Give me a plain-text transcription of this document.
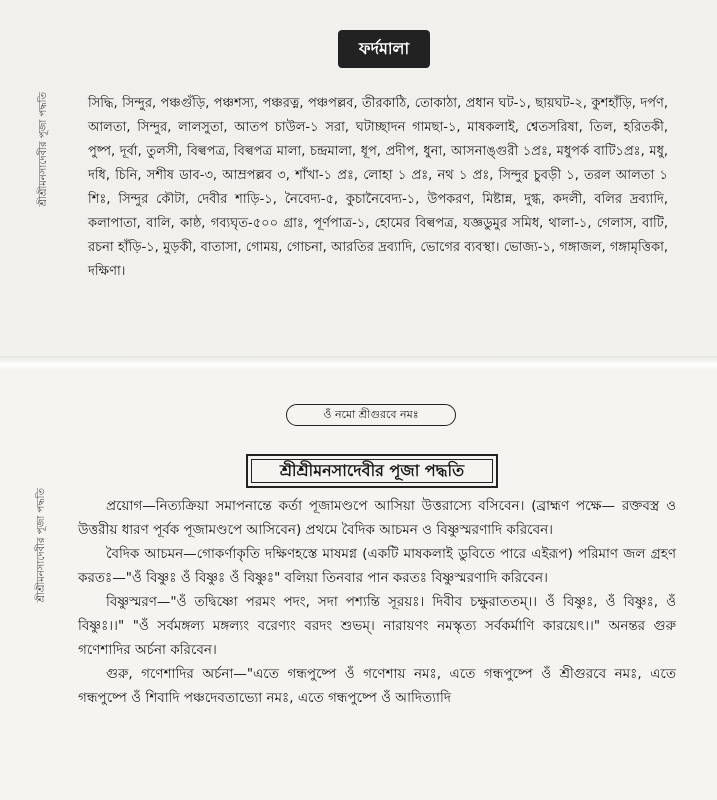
শ্রীশ্রীমনসাদেবীর পূজা পদ্ধতি
ফর্দমালা
সিদ্ধি, সিন্দুর, পঞ্চগুঁড়ি, পঞ্চশস্য, পঞ্চরত্ন, পঞ্চপল্লব, তীরকাঠি, তোকাঠা, প্রধান ঘট-১, ছায়ঘট-২, কুশহাঁড়ি, দর্পণ, আলতা, সিন্দুর, লালসুতা, আতপ চাউল-১ সরা, ঘটাচ্ছাদন গামছা-১, মাষকলাই, শ্বেতসরিষা, তিল, হরিতকী, পুষ্প, দূর্বা, তুলসী, বিল্বপত্র, বিল্বপত্র মালা, চন্দ্রমালা, ধূপ, প্রদীপ, ধুনা, আসনাঙ্গুরী ১প্রঃ, মধুপর্ক বাটি১প্রঃ, মধু, দধি, চিনি, সশীষ ডাব-৩, আম্রপল্লব ৩, শাঁখা-১ প্রঃ, লোহা ১ প্রঃ, নথ ১ প্রঃ, সিন্দুর চুবড়ী ১, তরল আলতা ১ শিঃ, সিন্দুর কৌটা, দেবীর শাড়ি-১, নৈবেদ্য-৫, কুচানৈবেদ্য-১, উপকরণ, মিষ্টান্ন, দুগ্ধ, কদলী, বলির দ্রব্যাদি, কলাপাতা, বালি, কাষ্ঠ, গব্যঘৃত-৫০০ গ্রাঃ, পূর্ণপাত্র-১, হোমের বিল্বপত্র, যজ্ঞডুমুর সমিধ, থালা-১, গেলাস, বাটি, রচনা হাঁড়ি-১, মুড়কী, বাতাসা, গোময়, গোচনা, আরতির দ্রব্যাদি, ভোগের ব্যবস্থা। ভোজ্য-১, গঙ্গাজল, গঙ্গামৃত্তিকা, দক্ষিণা।
শ্রীশ্রীমনসাদেবীর পূজা পদ্ধতি
ওঁ নমো শ্রীগুরবে নমঃ
শ্রীশ্রীমনসাদেবীর পূজা পদ্ধতি

প্রয়োগ—নিত্যক্রিয়া সমাপনান্তে কর্তা পূজামণ্ডপে আসিয়া উত্তরাস্যে বসিবেন। (ব্রাহ্মণ পক্ষে— রক্তবস্ত্র ও উত্তরীয় ধারণ পূর্বক পূজামণ্ডপে আসিবেন) প্রথমে বৈদিক আচমন ও বিষ্ণুস্মরণাদি করিবেন।

বৈদিক আচমন—গোকর্ণাকৃতি দক্ষিণহস্তে মাষমগ্ন (একটি মাষকলাই ডুবিতে পারে এইরূপ) পরিমাণ জল গ্রহণ করতঃ—"ওঁ বিষ্ণুঃ ওঁ বিষ্ণুঃ ওঁ বিষ্ণুঃ" বলিয়া তিনবার পান করতঃ বিষ্ণুস্মরণাদি করিবেন।

বিষ্ণুস্মরণ—"ওঁ তদ্বিষ্ণো পরমং পদং, সদা পশ্যন্তি সূরয়ঃ। দিবীব চক্ষুরাততম্।। ওঁ বিষ্ণুঃ, ওঁ বিষ্ণুঃ, ওঁ বিষ্ণুঃ।।" "ওঁ সর্বমঙ্গল্য মঙ্গল্যং বরেণ্যং বরদং শুভম্। নারায়ণং নমস্কৃত্য সর্বকর্মাণি কারয়েৎ।।" অনন্তর গুরু গণেশাদির অর্চনা করিবেন।

গুরু, গণেশাদির অর্চনা—"এতে গন্ধপুষ্পে ওঁ গণেশায় নমঃ, এতে গন্ধপুষ্পে ওঁ শ্রীগুরবে নমঃ, এতে গন্ধপুষ্পে ওঁ শিবাদি পঞ্চদেবতাভ্যো নমঃ, এতে গন্ধপুষ্পে ওঁ আদিত্যাদি
